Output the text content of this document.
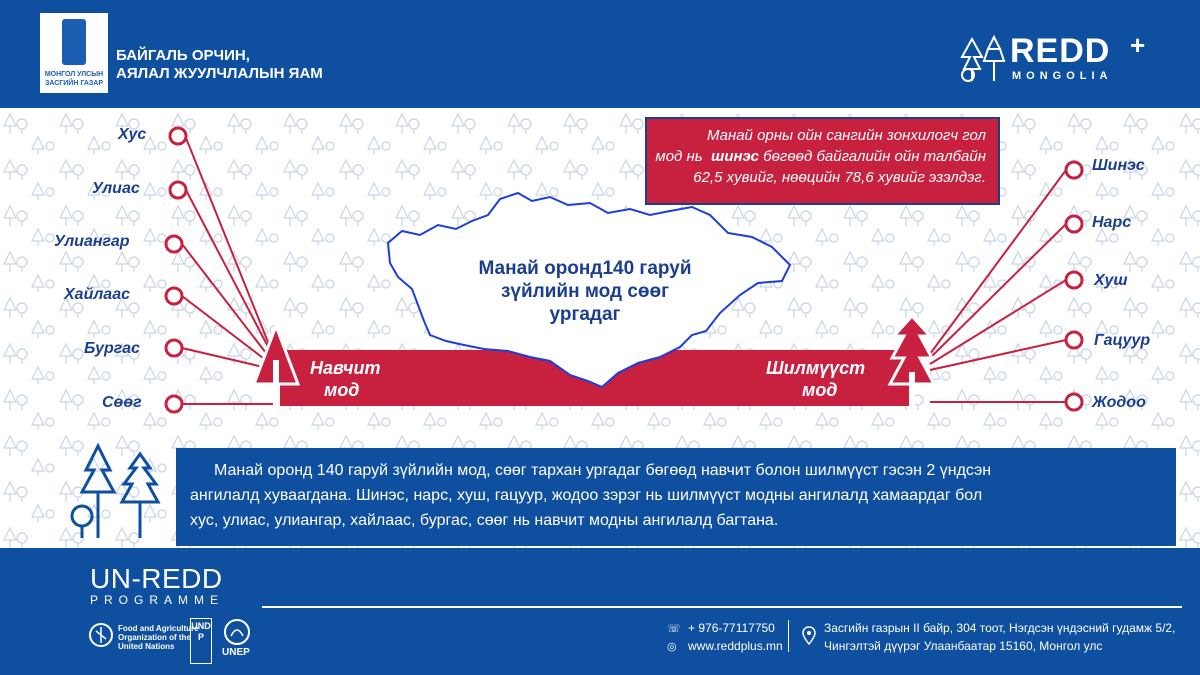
МОНГОЛ УЛСЫН
ЗАСГИЙН ГАЗАР
БАЙГАЛЬ ОРЧИН,
АЯЛАЛ ЖУУЛЧЛАЛЫН ЯАМ
REDD +
MONGOLIA
Хус
Улиас
Улиангар
Хайлаас
Бургас
Сөөг
Шинэс
Нарс
Хуш
Гацуур
Жодоо
Навчит
мод
Шилмүүст
мод
Манай орны ойн сангийн зонхилогч гол
мод нь шинэс бөгөөд байгалийн ойн талбайн
62,5 хувийг, нөөцийн 78,6 хувийг эзэлдэг.
Манай оронд140 гаруй
зүйлийн мод сөөг
ургадаг
Манай оронд 140 гаруй зүйлийн мод, сөөг тархан ургадаг бөгөөд навчит болон шилмүүст гэсэн 2 үндсэн
ангилалд хуваагдана. Шинэс, нарс, хуш, гацуур, жодоо зэрэг нь шилмүүст модны ангилалд хамаардаг бол
хус, улиас, улиангар, хайлаас, бургас, сөөг нь навчит модны ангилалд багтана.
UN-REDD
PROGRAMME
Food and Agriculture
Organization of the
United Nations
UNDP
UNEP
☏ + 976-77117750
◎ www.reddplus.mn
Засгийн газрын II байр, 304 тоот, Нэгдсэн үндэсний гудамж 5/2,
Чингэлтэй дүүрэг Улаанбаатар 15160, Монгол улс
